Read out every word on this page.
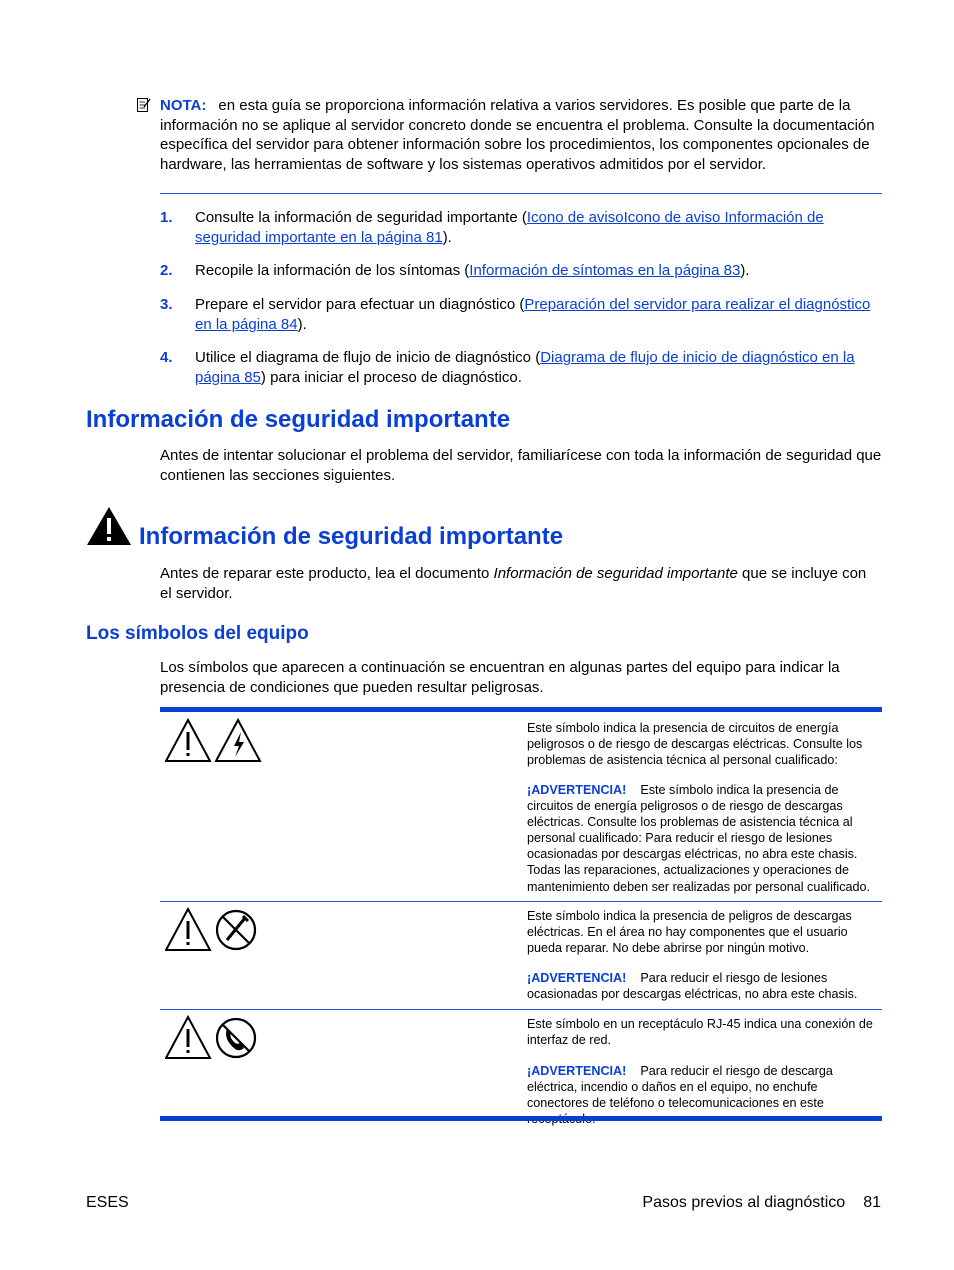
NOTA: en esta guía se proporciona información relativa a varios servidores. Es posible que parte de la información no se aplique al servidor concreto donde se encuentra el problema. Consulte la documentación específica del servidor para obtener información sobre los procedimientos, los componentes opcionales de hardware, las herramientas de software y los sistemas operativos admitidos por el servidor.
1. Consulte la información de seguridad importante (Icono de avisoIcono de aviso Información de seguridad importante en la página 81).
2. Recopile la información de los síntomas (Información de síntomas en la página 83).
3. Prepare el servidor para efectuar un diagnóstico (Preparación del servidor para realizar el diagnóstico en la página 84).
4. Utilice el diagrama de flujo de inicio de diagnóstico (Diagrama de flujo de inicio de diagnóstico en la página 85) para iniciar el proceso de diagnóstico.
Información de seguridad importante
Antes de intentar solucionar el problema del servidor, familiarícese con toda la información de seguridad que contienen las secciones siguientes.
Información de seguridad importante
Antes de reparar este producto, lea el documento Información de seguridad importante que se incluye con el servidor.
Los símbolos del equipo
Los símbolos que aparecen a continuación se encuentran en algunas partes del equipo para indicar la presencia de condiciones que pueden resultar peligrosas.
Este símbolo indica la presencia de circuitos de energía peligrosos o de riesgo de descargas eléctricas. Consulte los problemas de asistencia técnica al personal cualificado:
¡ADVERTENCIA! Este símbolo indica la presencia de circuitos de energía peligrosos o de riesgo de descargas eléctricas. Consulte los problemas de asistencia técnica al personal cualificado: Para reducir el riesgo de lesiones ocasionadas por descargas eléctricas, no abra este chasis. Todas las reparaciones, actualizaciones y operaciones de mantenimiento deben ser realizadas por personal cualificado.
Este símbolo indica la presencia de peligros de descargas eléctricas. En el área no hay componentes que el usuario pueda reparar. No debe abrirse por ningún motivo.
¡ADVERTENCIA! Para reducir el riesgo de lesiones ocasionadas por descargas eléctricas, no abra este chasis.
Este símbolo en un receptáculo RJ-45 indica una conexión de interfaz de red.
¡ADVERTENCIA! Para reducir el riesgo de descarga eléctrica, incendio o daños en el equipo, no enchufe conectores de teléfono o telecomunicaciones en este
ESES	Pasos previos al diagnóstico 81
